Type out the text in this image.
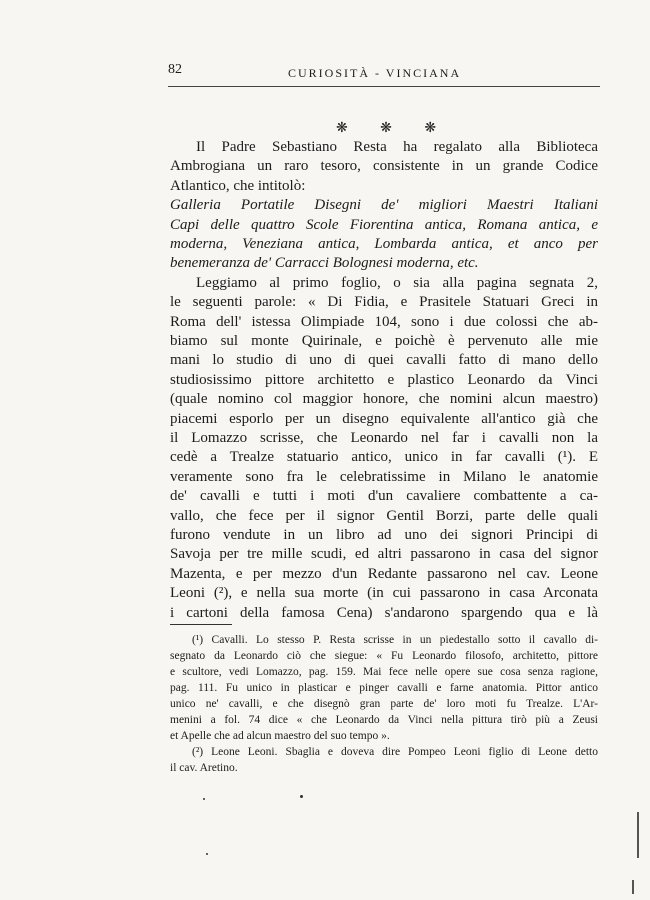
82	CURIOSITÀ - VINCIANA
❋ ❋ ❋
(¹) Cavalli. Lo stesso P. Resta scrisse in un piedestallo sotto il cavallo di-
segnato da Leonardo ciò che siegue: « Fu Leonardo filosofo, architetto, pittore
e scultore, vedi Lomazzo, pag. 159. Mai fece nelle opere sue cosa senza ragione,
pag. 111. Fu unico in plasticar e pinger cavalli e farne anatomia. Pittor antico
unico ne' cavalli, e che disegnò gran parte de' loro moti fu Trealze. L'Ar-
menini a fol. 74 dice « che Leonardo da Vinci nella pittura tirò più a Zeusi
et Apelle che ad alcun maestro del suo tempo ».
(²) Leone Leoni. Sbaglia e doveva dire Pompeo Leoni figlio di Leone detto
il cav. Aretino.
Il Padre Sebastiano Resta ha regalato alla Biblioteca
Ambrogiana un raro tesoro, consistente in un grande Codice
Atlantico, che intitolò:
Galleria Portatile Disegni de' migliori Maestri Italiani
Capi delle quattro Scole Fiorentina antica, Romana antica, e
moderna, Veneziana antica, Lombarda antica, et anco per
benemeranza de' Carracci Bolognesi moderna, etc.
Leggiamo al primo foglio, o sia alla pagina segnata 2,
le seguenti parole: « Di Fidia, e Prasitele Statuari Greci in
Roma dell' istessa Olimpiade 104, sono i due colossi che ab-
biamo sul monte Quirinale, e poichè è pervenuto alle mie
mani lo studio di uno di quei cavalli fatto di mano dello
studiosissimo pittore architetto e plastico Leonardo da Vinci
(quale nomino col maggior honore, che nomini alcun maestro)
piacemi esporlo per un disegno equivalente all'antico già che
il Lomazzo scrisse, che Leonardo nel far i cavalli non la
cedè a Trealze statuario antico, unico in far cavalli (¹). E
veramente sono fra le celebratissime in Milano le anatomie
de' cavalli e tutti i moti d'un cavaliere combattente a ca-
vallo, che fece per il signor Gentil Borzi, parte delle quali
furono vendute in un libro ad uno dei signori Principi di
Savoja per tre mille scudi, ed altri passarono in casa del signor
Mazenta, e per mezzo d'un Redante passarono nel cav. Leone
Leoni (²), e nella sua morte (in cui passarono in casa Arconata
i cartoni della famosa Cena) s'andarono spargendo qua e là
